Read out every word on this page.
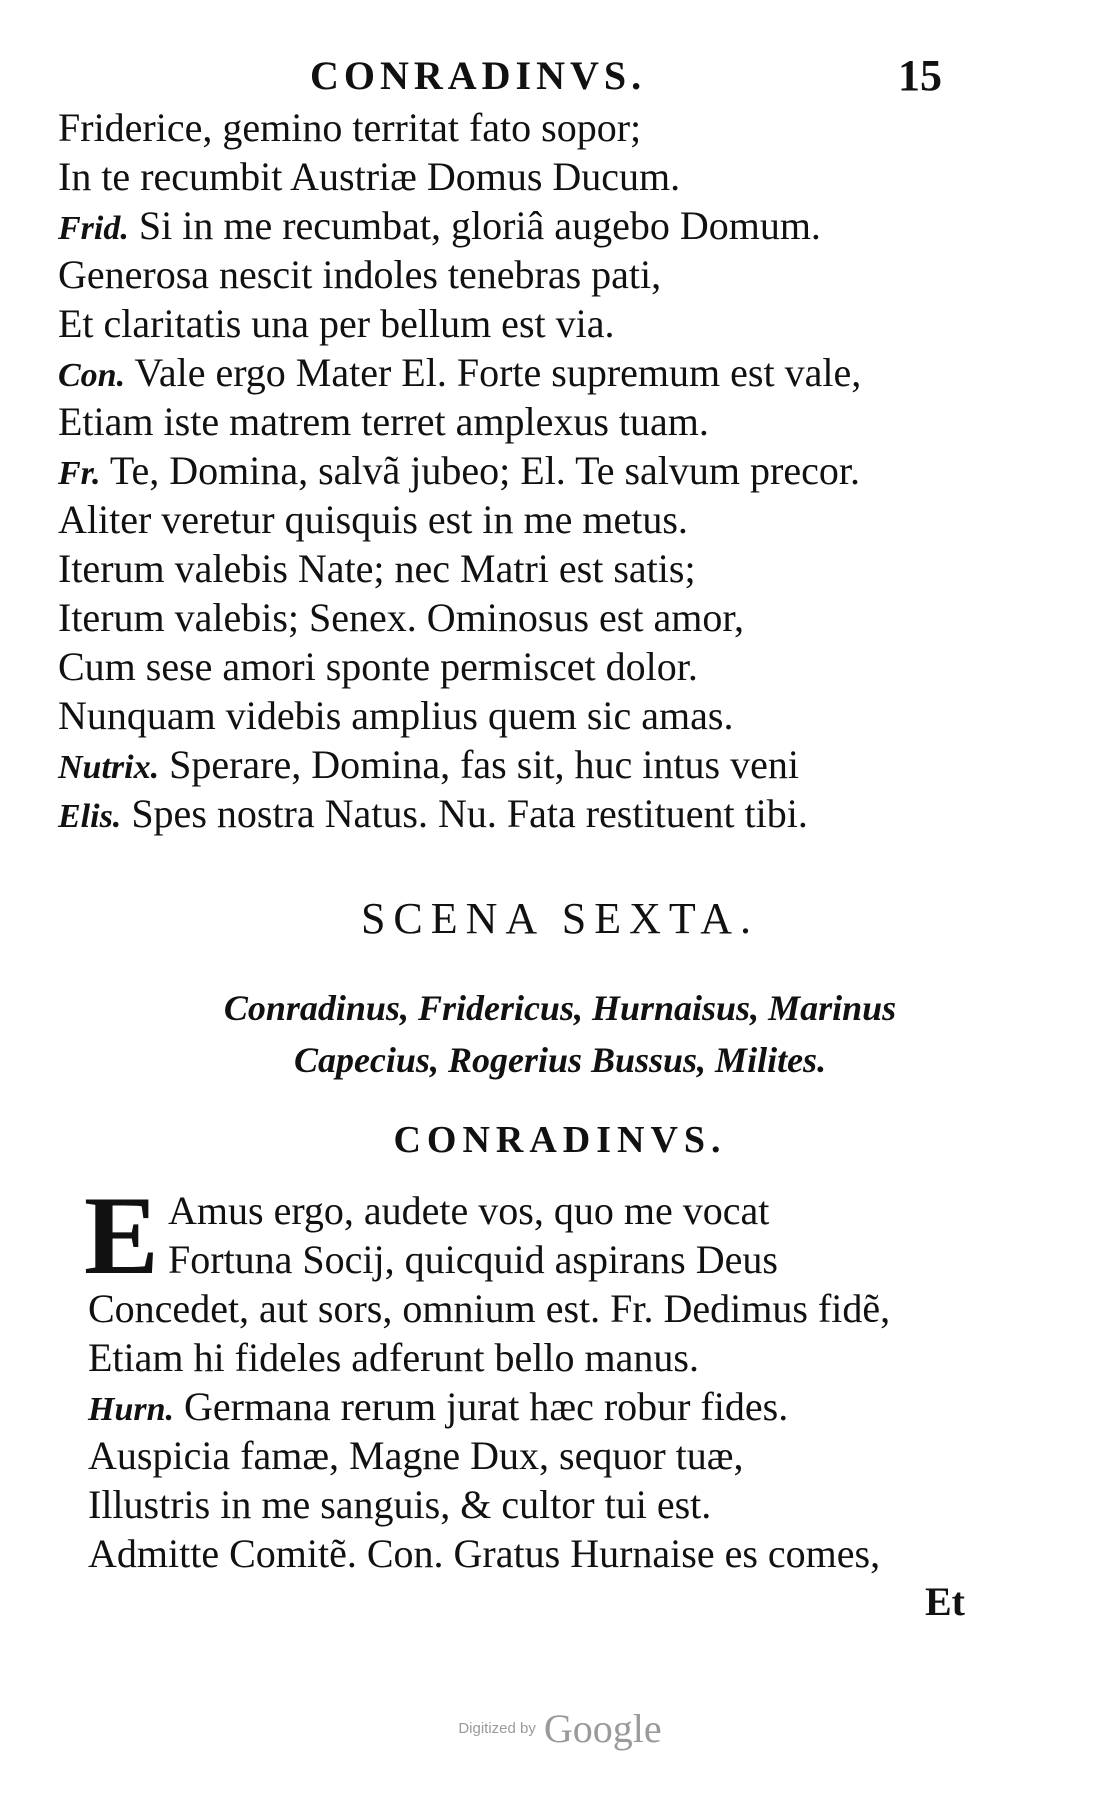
CONRADINVS.	15
Friderice, gemino territat fato sopor;
In te recumbit Austriæ Domus Ducum.
Frid. Si in me recumbat, gloriâ augebo Domum.
Generosa nescit indoles tenebras pati,
Et claritatis una per bellum est via.
Con. Vale ergo Mater El. Forte supremum est vale,
Etiam iste matrem terret amplexus tuam.
Fr. Te, Domina, salvã jubeo; El. Te salvum precor.
Aliter veretur quisquis est in me metus.
Iterum valebis Nate; nec Matri est satis;
Iterum valebis; Senex. Ominosus est amor,
Cum sese amori sponte permiscet dolor.
Nunquam videbis amplius quem sic amas.
Nutrix. Sperare, Domina, fas sit, huc intus veni
Elis. Spes nostra Natus. Nu. Fata restituent tibi.
SCENA SEXTA.
Conradinus, Fridericus, Hurnaisus, Marinus
Capecius, Rogerius Bussus, Milites.
CONRADINVS.
E Amus ergo, audete vos, quo me vocat
Fortuna Socij, quicquid aspirans Deus
Concedet, aut sors, omnium est. Fr. Dedimus fidẽ,
Etiam hi fideles adferunt bello manus.
Hurn. Germana rerum jurat hæc robur fides.
Auspicia famæ, Magne Dux, sequor tuæ,
Illustris in me sanguis, & cultor tui est.
Admitte Comitẽ. Con. Gratus Hurnaise es comes,
Et
Digitized by Google
